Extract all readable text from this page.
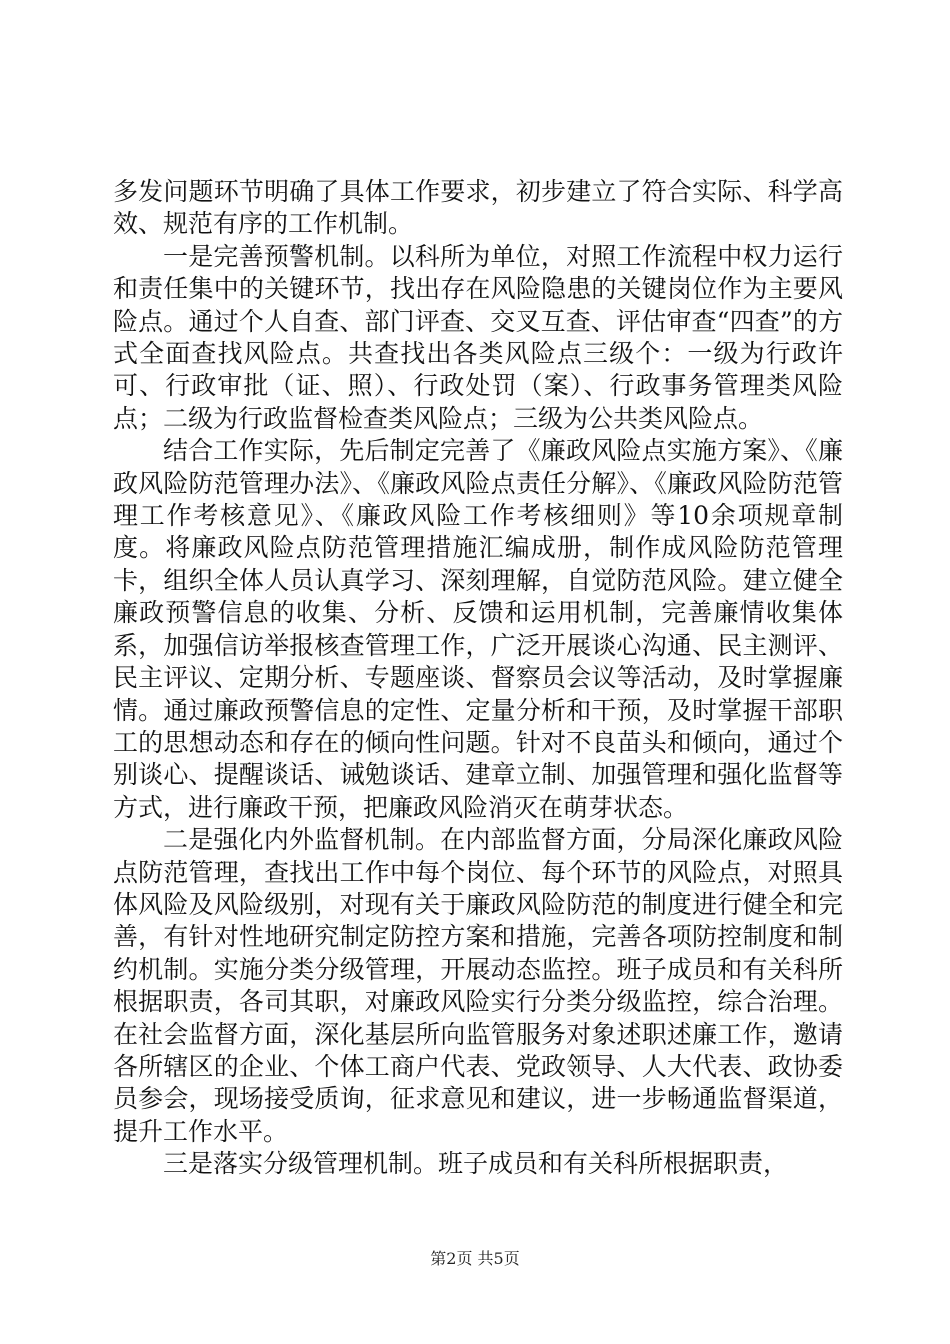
多发问题环节明确了具体工作要求，初步建立了符合实际、科学高效、规范有序的工作机制。

一是完善预警机制。以科所为单位，对照工作流程中权力运行和责任集中的关键环节，找出存在风险隐患的关键岗位作为主要风险点。通过个人自查、部门评查、交叉互查、评估审查“四查”的方式全面查找风险点。共查找出各类风险点三级个：一级为行政许可、行政审批（证、照）、行政处罚（案）、行政事务管理类风险点；二级为行政监督检查类风险点；三级为公共类风险点。

结合工作实际，先后制定完善了《廉政风险点实施方案》、《廉政风险防范管理办法》、《廉政风险点责任分解》、《廉政风险防范管理工作考核意见》、《廉政风险工作考核细则》等10余项规章制度。将廉政风险点防范管理措施汇编成册，制作成风险防范管理卡，组织全体人员认真学习、深刻理解，自觉防范风险。建立健全廉政预警信息的收集、分析、反馈和运用机制，完善廉情收集体系，加强信访举报核查管理工作，广泛开展谈心沟通、民主测评、民主评议、定期分析、专题座谈、督察员会议等活动，及时掌握廉情。通过廉政预警信息的定性、定量分析和干预，及时掌握干部职工的思想动态和存在的倾向性问题。针对不良苗头和倾向，通过个别谈心、提醒谈话、诫勉谈话、建章立制、加强管理和强化监督等方式，进行廉政干预，把廉政风险消灭在萌芽状态。

二是强化内外监督机制。在内部监督方面，分局深化廉政风险点防范管理，查找出工作中每个岗位、每个环节的风险点，对照具体风险及风险级别，对现有关于廉政风险防范的制度进行健全和完善，有针对性地研究制定防控方案和措施，完善各项防控制度和制约机制。实施分类分级管理，开展动态监控。班子成员和有关科所根据职责，各司其职，对廉政风险实行分类分级监控，综合治理。在社会监督方面，深化基层所向监管服务对象述职述廉工作，邀请各所辖区的企业、个体工商户代表、党政领导、人大代表、政协委员参会，现场接受质询，征求意见和建议，进一步畅通监督渠道，提升工作水平。

三是落实分级管理机制。班子成员和有关科所根据职责，

第2页 共5页
